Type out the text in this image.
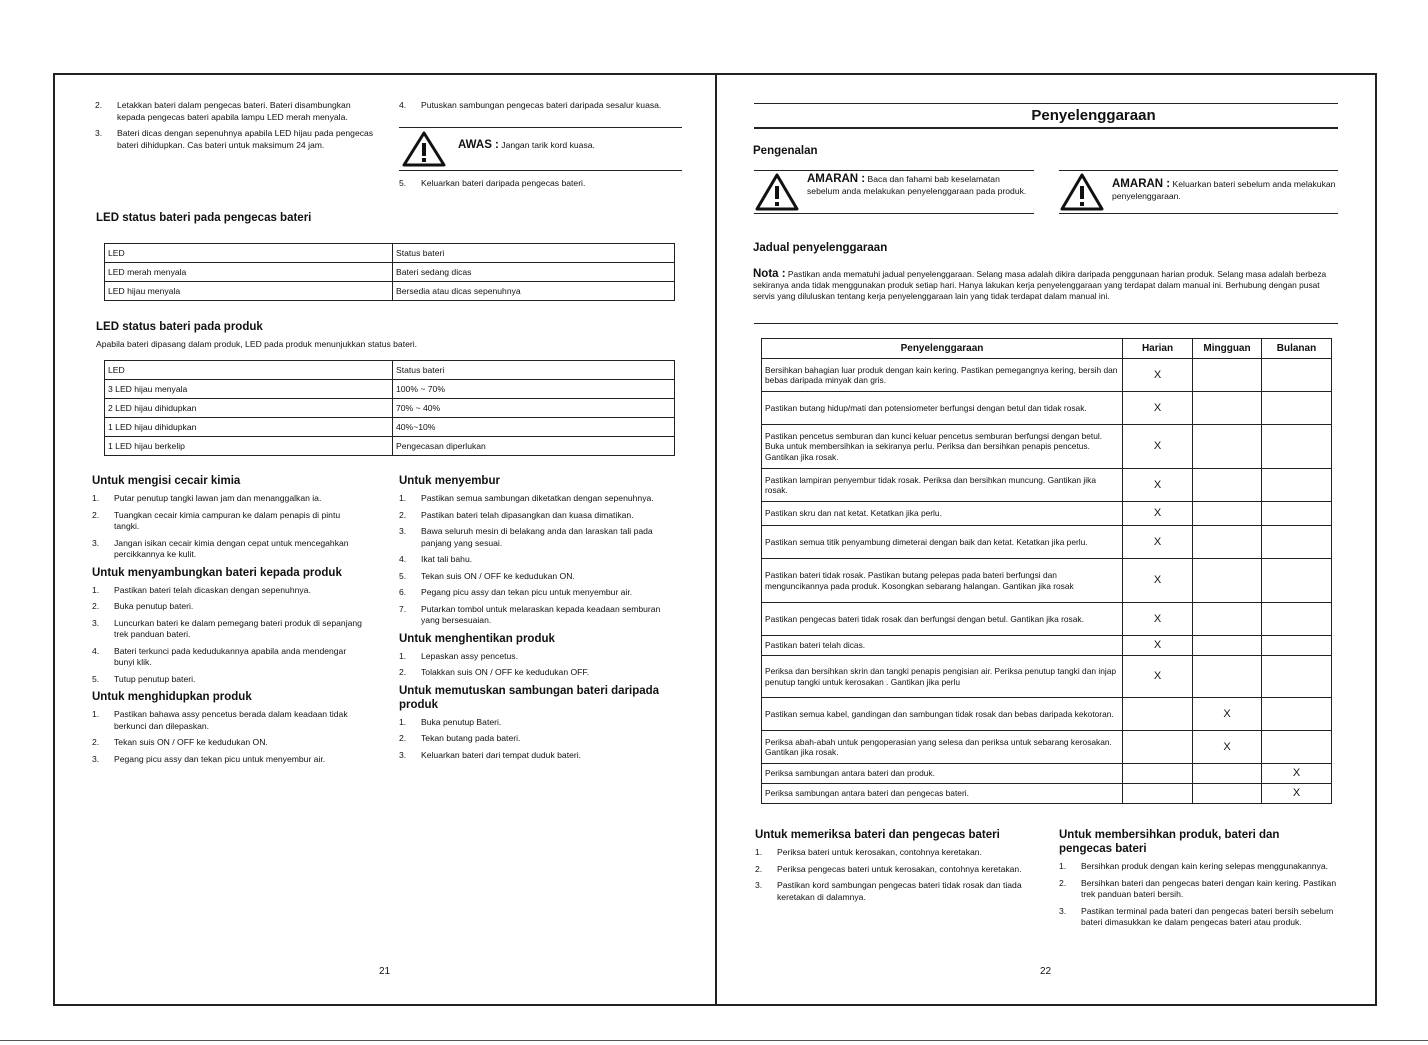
2. Letakkan bateri dalam pengecas bateri. Bateri disambungkan kepada pengecas bateri apabila lampu LED merah menyala.
3. Bateri dicas dengan sepenuhnya apabila LED hijau pada pengecas bateri dihidupkan. Cas bateri untuk maksimum 24 jam.
4. Putuskan sambungan pengecas bateri daripada sesalur kuasa.
AWAS : Jangan tarik kord kuasa.
5. Keluarkan bateri daripada pengecas bateri.
LED status bateri pada pengecas bateri
LED	Status bateri
LED merah menyala	Bateri sedang dicas
LED hijau menyala	Bersedia atau dicas sepenuhnya
LED status bateri pada produk
Apabila bateri dipasang dalam produk, LED pada produk menunjukkan status bateri.
LED	Status bateri
3 LED hijau menyala	100% ~ 70%
2 LED hijau dihidupkan	70% ~ 40%
1 LED hijau dihidupkan	40%~10%
1 LED hijau berkelip	Pengecasan diperlukan
Untuk mengisi cecair kimia
1. Putar penutup tangki lawan jam dan menanggalkan ia.
2. Tuangkan cecair kimia campuran ke dalam penapis di pintu tangki.
3. Jangan isikan cecair kimia dengan cepat untuk mencegahkan percikkannya ke kulit.
Untuk menyambungkan bateri kepada produk
1. Pastikan bateri telah dicaskan dengan sepenuhnya.
2. Buka penutup bateri.
3. Luncurkan bateri ke dalam pemegang bateri produk di sepanjang trek panduan bateri.
4. Bateri terkunci pada kedudukannya apabila anda mendengar bunyi klik.
5. Tutup penutup bateri.
Untuk menghidupkan produk
1. Pastikan bahawa assy pencetus berada dalam keadaan tidak berkunci dan dilepaskan.
2. Tekan suis ON / OFF ke kedudukan ON.
3. Pegang picu assy dan tekan picu untuk menyembur air.
Untuk menyembur
1. Pastikan semua sambungan diketatkan dengan sepenuhnya.
2. Pastikan bateri telah dipasangkan dan kuasa dimatikan.
3. Bawa seluruh mesin di belakang anda dan laraskan tali pada panjang yang sesuai.
4. Ikat tali bahu.
5. Tekan suis ON / OFF ke kedudukan ON.
6. Pegang picu assy dan tekan picu untuk menyembur air.
7. Putarkan tombol untuk melaraskan kepada keadaan semburan yang bersesuaian.
Untuk menghentikan produk
1. Lepaskan assy pencetus.
2. Tolakkan suis ON / OFF ke kedudukan OFF.
Untuk memutuskan sambungan bateri daripada produk
1. Buka penutup Bateri.
2. Tekan butang pada bateri.
3. Keluarkan bateri dari tempat duduk bateri.
21
Penyelenggaraan
Pengenalan
AMARAN : Baca dan fahami bab keselamatan sebelum anda melakukan penyelenggaraan pada produk.
AMARAN : Keluarkan bateri sebelum anda melakukan penyelenggaraan.
Jadual penyelenggaraan
Nota : Pastikan anda mematuhi jadual penyelenggaraan. Selang masa adalah dikira daripada penggunaan harian produk. Selang masa adalah berbeza sekiranya anda tidak menggunakan produk setiap hari. Hanya lakukan kerja penyelenggaraan yang terdapat dalam manual ini. Berhubung dengan pusat servis yang diluluskan tentang kerja penyelenggaraan lain yang tidak terdapat dalam manual ini.
Penyelenggaraan	Harian	Mingguan	Bulanan
Bersihkan bahagian luar produk dengan kain kering. Pastikan pemegangnya kering, bersih dan bebas daripada minyak dan gris.	X		
Pastikan butang hidup/mati dan potensiometer berfungsi dengan betul dan tidak rosak.	X		
Pastikan pencetus semburan dan kunci keluar pencetus semburan berfungsi dengan betul. Buka untuk membersihkan ia sekiranya perlu. Periksa dan bersihkan penapis pencetus. Gantikan jika rosak.	X		
Pastikan lampiran penyembur tidak rosak. Periksa dan bersihkan muncung. Gantikan jika rosak.	X		
Pastikan skru dan nat ketat. Ketatkan jika perlu.	X		
Pastikan semua titik penyambung dimeterai dengan baik dan ketat. Ketatkan jika perlu.	X		
Pastikan bateri tidak rosak. Pastikan butang pelepas pada bateri berfungsi dan menguncikannya pada produk. Kosongkan sebarang halangan. Gantikan jika rosak	X		
Pastikan pengecas bateri tidak rosak dan berfungsi dengan betul. Gantikan jika rosak.	X		
Pastikan bateri telah dicas.	X		
Periksa dan bersihkan skrin dan tangki penapis pengisian air. Periksa penutup tangki dan injap penutup tangki untuk kerosakan . Gantikan jika perlu	X		
Pastikan semua kabel, gandingan dan sambungan tidak rosak dan bebas daripada kekotoran.		X	
Periksa abah-abah untuk pengoperasian yang selesa dan periksa untuk sebarang kerosakan. Gantikan jika rosak.		X	
Periksa sambungan antara bateri dan produk.			X
Periksa sambungan antara bateri dan pengecas bateri.			X
Untuk memeriksa bateri dan pengecas bateri
1. Periksa bateri untuk kerosakan, contohnya keretakan.
2. Periksa pengecas bateri untuk kerosakan, contohnya keretakan.
3. Pastikan kord sambungan pengecas bateri tidak rosak dan tiada keretakan di dalamnya.
Untuk membersihkan produk, bateri dan pengecas bateri
1. Bersihkan produk dengan kain kering selepas menggunakannya.
2. Bersihkan bateri dan pengecas bateri dengan kain kering. Pastikan trek panduan bateri bersih.
3. Pastikan terminal pada bateri dan pengecas bateri bersih sebelum bateri dimasukkan ke dalam pengecas bateri atau produk.
22
